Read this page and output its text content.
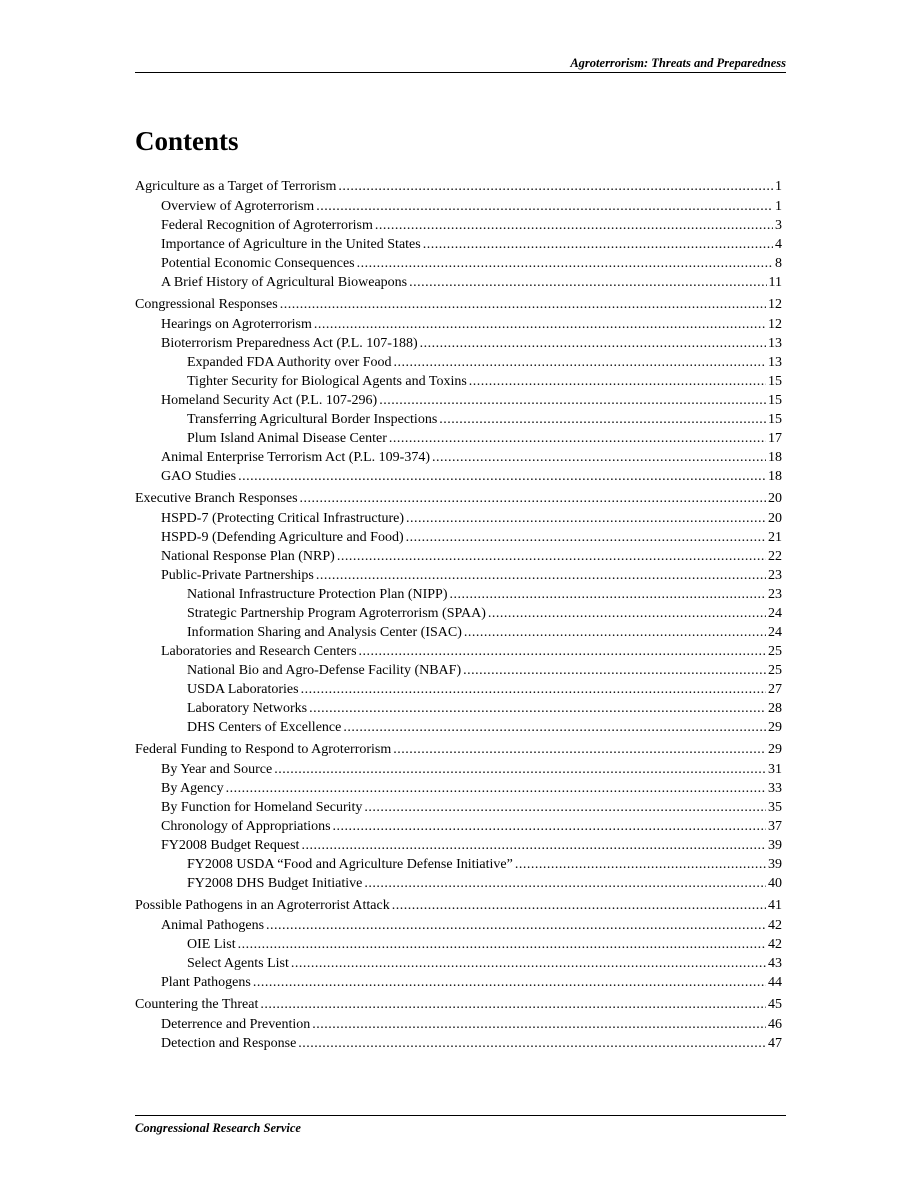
Agroterrorism: Threats and Preparedness
Contents
Agriculture as a Target of Terrorism .....	1
Overview of Agroterrorism .....	1
Federal Recognition of Agroterrorism .....	3
Importance of Agriculture in the United States .....	4
Potential Economic Consequences .....	8
A Brief History of Agricultural Bioweapons .....	11
Congressional Responses .....	12
Hearings on Agroterrorism .....	12
Bioterrorism Preparedness Act (P.L. 107-188) .....	13
Expanded FDA Authority over Food .....	13
Tighter Security for Biological Agents and Toxins .....	15
Homeland Security Act (P.L. 107-296) .....	15
Transferring Agricultural Border Inspections .....	15
Plum Island Animal Disease Center .....	17
Animal Enterprise Terrorism Act (P.L. 109-374) .....	18
GAO Studies .....	18
Executive Branch Responses .....	20
HSPD-7 (Protecting Critical Infrastructure) .....	20
HSPD-9 (Defending Agriculture and Food) .....	21
National Response Plan (NRP) .....	22
Public-Private Partnerships .....	23
National Infrastructure Protection Plan (NIPP) .....	23
Strategic Partnership Program Agroterrorism (SPAA) .....	24
Information Sharing and Analysis Center (ISAC) .....	24
Laboratories and Research Centers .....	25
National Bio and Agro-Defense Facility (NBAF) .....	25
USDA Laboratories .....	27
Laboratory Networks .....	28
DHS Centers of Excellence .....	29
Federal Funding to Respond to Agroterrorism .....	29
By Year and Source .....	31
By Agency .....	33
By Function for Homeland Security .....	35
Chronology of Appropriations .....	37
FY2008 Budget Request .....	39
FY2008 USDA “Food and Agriculture Defense Initiative” .....	39
FY2008 DHS Budget Initiative .....	40
Possible Pathogens in an Agroterrorist Attack .....	41
Animal Pathogens .....	42
OIE List .....	42
Select Agents List .....	43
Plant Pathogens .....	44
Countering the Threat .....	45
Deterrence and Prevention .....	46
Detection and Response .....	47
Congressional Research Service
